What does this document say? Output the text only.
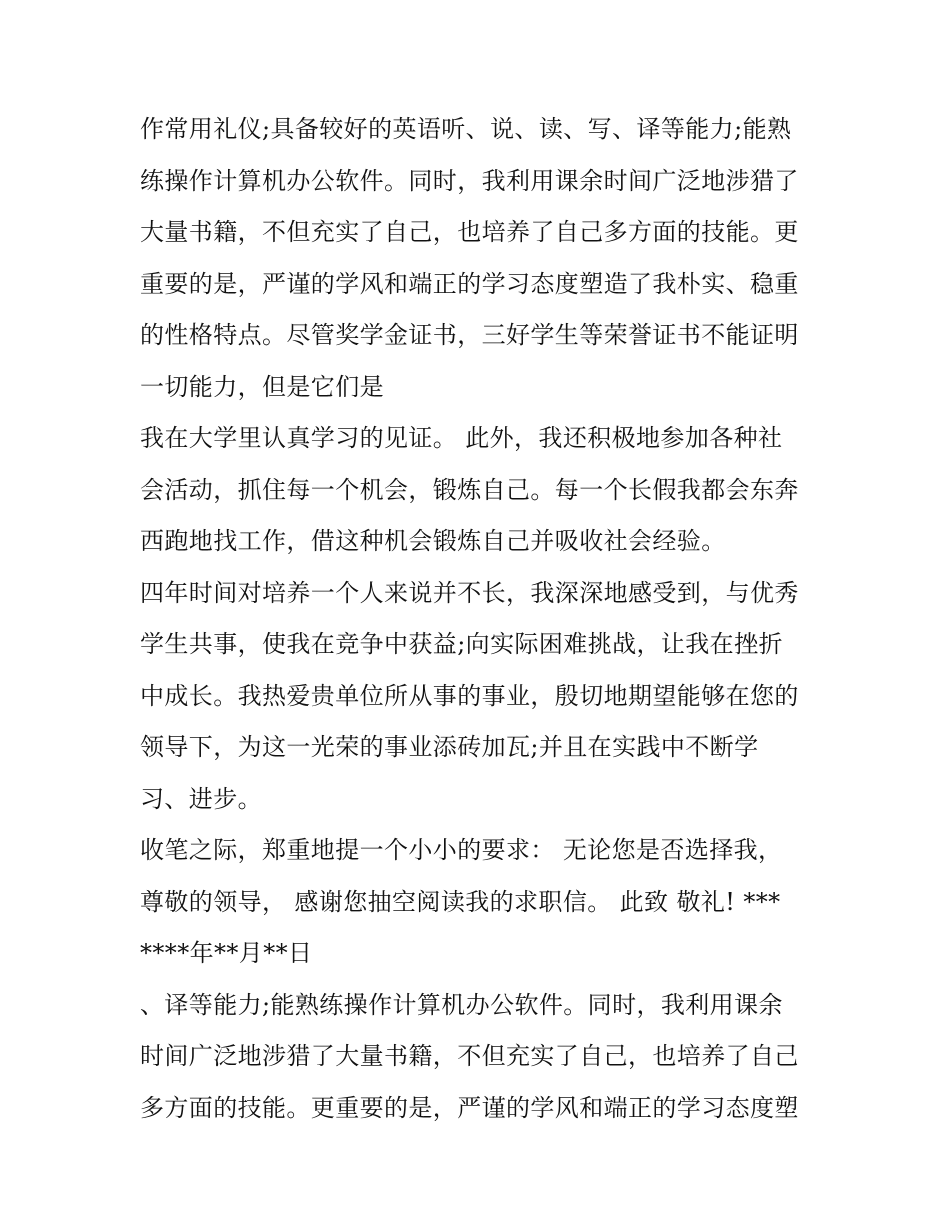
作常用礼仪;具备较好的英语听、说、读、写、译等能力;能熟
练操作计算机办公软件。同时，我利用课余时间广泛地涉猎了
大量书籍，不但充实了自己，也培养了自己多方面的技能。更
重要的是，严谨的学风和端正的学习态度塑造了我朴实、稳重
的性格特点。尽管奖学金证书，三好学生等荣誉证书不能证明
一切能力，但是它们是
我在大学里认真学习的见证。 此外，我还积极地参加各种社
会活动，抓住每一个机会，锻炼自己。每一个长假我都会东奔
西跑地找工作，借这种机会锻炼自己并吸收社会经验。
四年时间对培养一个人来说并不长，我深深地感受到，与优秀
学生共事，使我在竞争中获益;向实际困难挑战，让我在挫折
中成长。我热爱贵单位所从事的事业，殷切地期望能够在您的
领导下，为这一光荣的事业添砖加瓦;并且在实践中不断学
习、进步。
收笔之际，郑重地提一个小小的要求： 无论您是否选择我，
尊敬的领导， 感谢您抽空阅读我的求职信。 此致 敬礼! ***
****年**月**日
、译等能力;能熟练操作计算机办公软件。同时，我利用课余
时间广泛地涉猎了大量书籍，不但充实了自己，也培养了自己
多方面的技能。更重要的是，严谨的学风和端正的学习态度塑
